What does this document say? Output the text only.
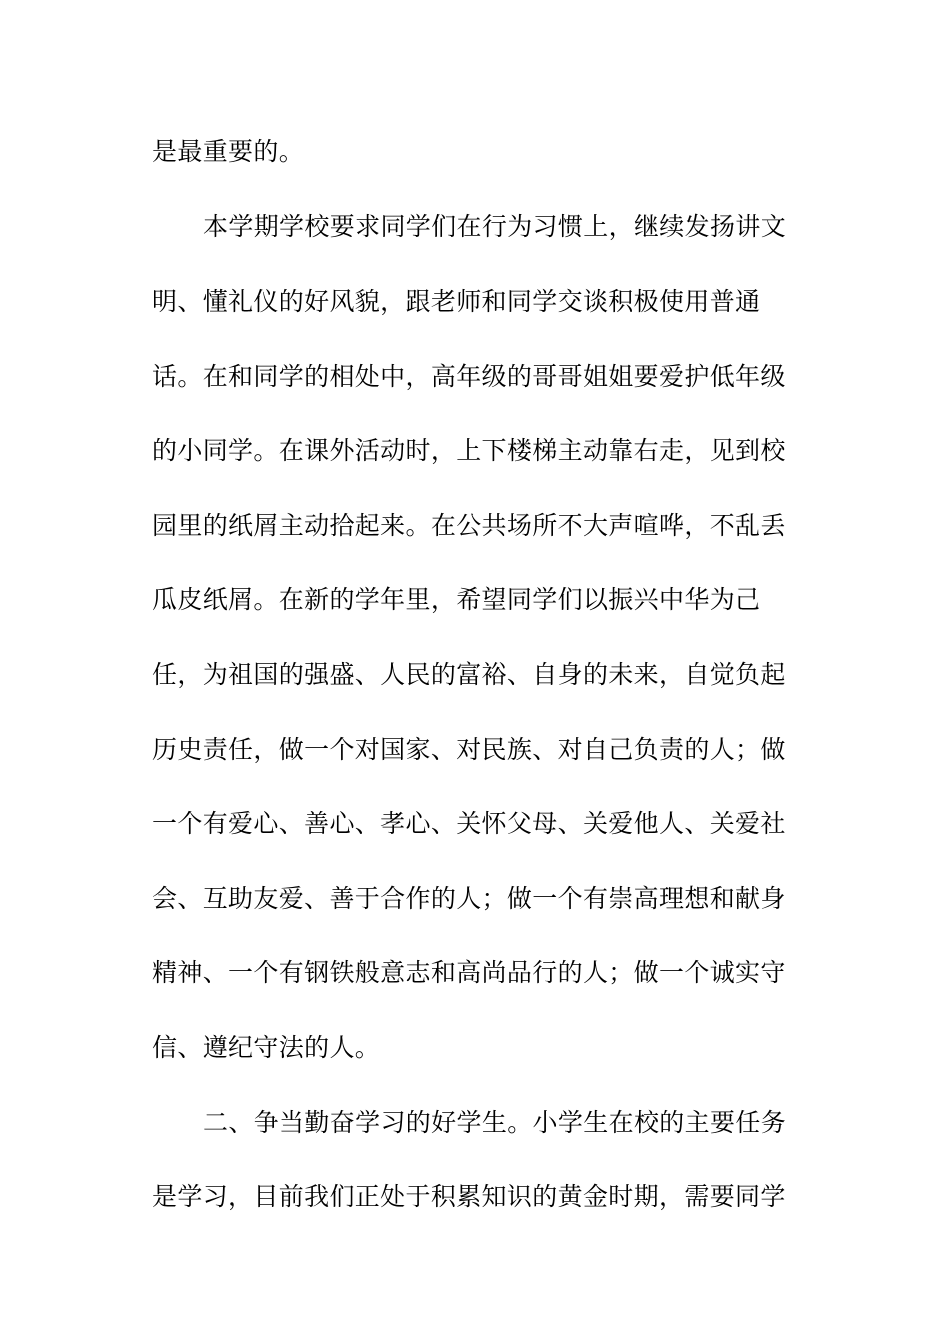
是最重要的。
本学期学校要求同学们在行为习惯上，继续发扬讲文
明、懂礼仪的好风貌，跟老师和同学交谈积极使用普通
话。在和同学的相处中，高年级的哥哥姐姐要爱护低年级
的小同学。在课外活动时，上下楼梯主动靠右走，见到校
园里的纸屑主动拾起来。在公共场所不大声喧哗，不乱丢
瓜皮纸屑。在新的学年里，希望同学们以振兴中华为己
任，为祖国的强盛、人民的富裕、自身的未来，自觉负起
历史责任，做一个对国家、对民族、对自己负责的人；做
一个有爱心、善心、孝心、关怀父母、关爱他人、关爱社
会、互助友爱、善于合作的人；做一个有崇高理想和献身
精神、一个有钢铁般意志和高尚品行的人；做一个诚实守
信、遵纪守法的人。
二、争当勤奋学习的好学生。小学生在校的主要任务
是学习，目前我们正处于积累知识的黄金时期，需要同学
